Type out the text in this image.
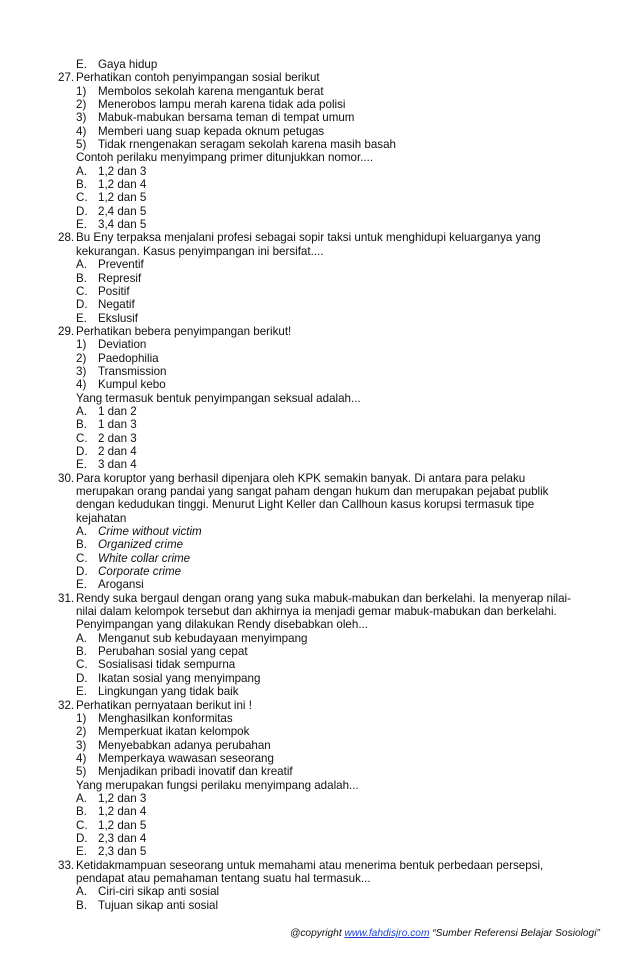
E. Gaya hidup
27. Perhatikan contoh penyimpangan sosial berikut
1) Membolos sekolah karena mengantuk berat
2) Menerobos lampu merah karena tidak ada polisi
3) Mabuk-mabukan bersama teman di tempat umum
4) Memberi uang suap kepada oknum petugas
5) Tidak rnengenakan seragam sekolah karena masih basah
Contoh perilaku menyimpang primer ditunjukkan nomor....
A. 1,2 dan 3
B. 1,2 dan 4
C. 1,2 dan 5
D. 2,4 dan 5
E. 3,4 dan 5
28. Bu Eny terpaksa menjalani profesi sebagai sopir taksi untuk menghidupi keluarganya yang
kekurangan. Kasus penyimpangan ini bersifat....
A. Preventif
B. Represif
C. Positif
D. Negatif
E. Ekslusif
29. Perhatikan bebera penyimpangan berikut!
1) Deviation
2) Paedophilia
3) Transmission
4) Kumpul kebo
Yang termasuk bentuk penyimpangan seksual adalah...
A. 1 dan 2
B. 1 dan 3
C. 2 dan 3
D. 2 dan 4
E. 3 dan 4
30. Para koruptor yang berhasil dipenjara oleh KPK semakin banyak. Di antara para pelaku
merupakan orang pandai yang sangat paham dengan hukum dan merupakan pejabat publik
dengan kedudukan tinggi. Menurut Light Keller dan Callhoun kasus korupsi termasuk tipe
kejahatan
A. Crime without victim
B. Organized crime
C. White collar crime
D. Corporate crime
E. Arogansi
31. Rendy suka bergaul dengan orang yang suka mabuk-mabukan dan berkelahi. Ia menyerap nilai-
nilai dalam kelompok tersebut dan akhirnya ia menjadi gemar mabuk-mabukan dan berkelahi.
Penyimpangan yang dilakukan Rendy disebabkan oleh...
A. Menganut sub kebudayaan menyimpang
B. Perubahan sosial yang cepat
C. Sosialisasi tidak sempurna
D. Ikatan sosial yang menyimpang
E. Lingkungan yang tidak baik
32. Perhatikan pernyataan berikut ini !
1) Menghasilkan konformitas
2) Memperkuat ikatan kelompok
3) Menyebabkan adanya perubahan
4) Memperkaya wawasan seseorang
5) Menjadikan pribadi inovatif dan kreatif
Yang merupakan fungsi perilaku menyimpang adalah...
A. 1,2 dan 3
B. 1,2 dan 4
C. 1,2 dan 5
D. 2,3 dan 4
E. 2,3 dan 5
33. Ketidakmampuan seseorang untuk memahami atau menerima bentuk perbedaan persepsi,
pendapat atau pemahaman tentang suatu hal termasuk...
A. Ciri-ciri sikap anti sosial
B. Tujuan sikap anti sosial
@copyright www.fahdisjro.com “Sumber Referensi Belajar Sosiologi”
